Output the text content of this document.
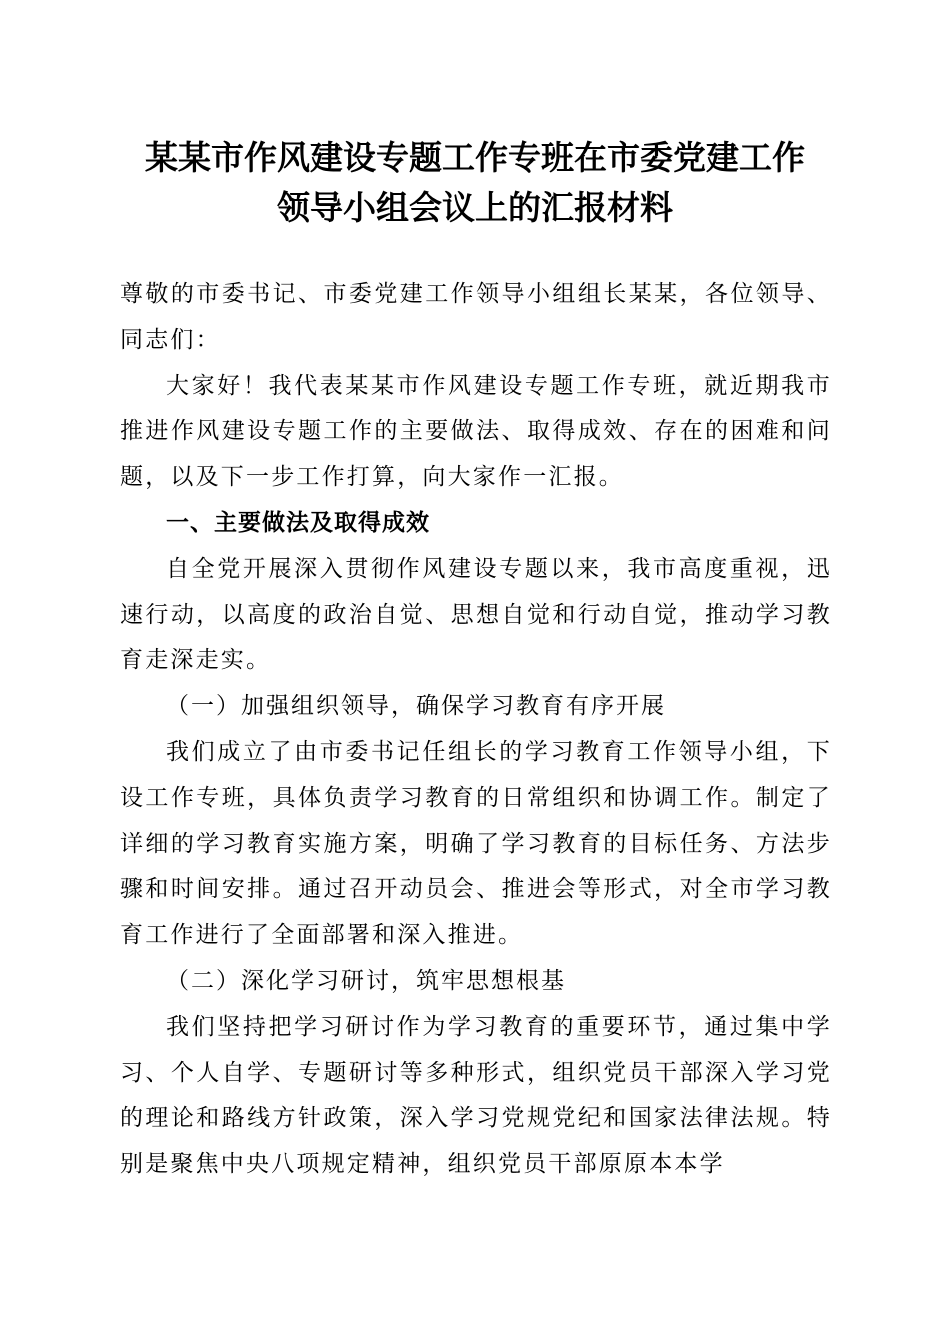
某某市作风建设专题工作专班在市委党建工作
领导小组会议上的汇报材料

尊敬的市委书记、市委党建工作领导小组组长某某，各位领导、同志们：

大家好！我代表某某市作风建设专题工作专班，就近期我市推进作风建设专题工作的主要做法、取得成效、存在的困难和问题，以及下一步工作打算，向大家作一汇报。

一、主要做法及取得成效

自全党开展深入贯彻作风建设专题以来，我市高度重视，迅速行动，以高度的政治自觉、思想自觉和行动自觉，推动学习教育走深走实。

（一）加强组织领导，确保学习教育有序开展

我们成立了由市委书记任组长的学习教育工作领导小组，下设工作专班，具体负责学习教育的日常组织和协调工作。制定了详细的学习教育实施方案，明确了学习教育的目标任务、方法步骤和时间安排。通过召开动员会、推进会等形式，对全市学习教育工作进行了全面部署和深入推进。

（二）深化学习研讨，筑牢思想根基

我们坚持把学习研讨作为学习教育的重要环节，通过集中学习、个人自学、专题研讨等多种形式，组织党员干部深入学习党的理论和路线方针政策，深入学习党规党纪和国家法律法规。特别是聚焦中央八项规定精神，组织党员干部原原本本学
